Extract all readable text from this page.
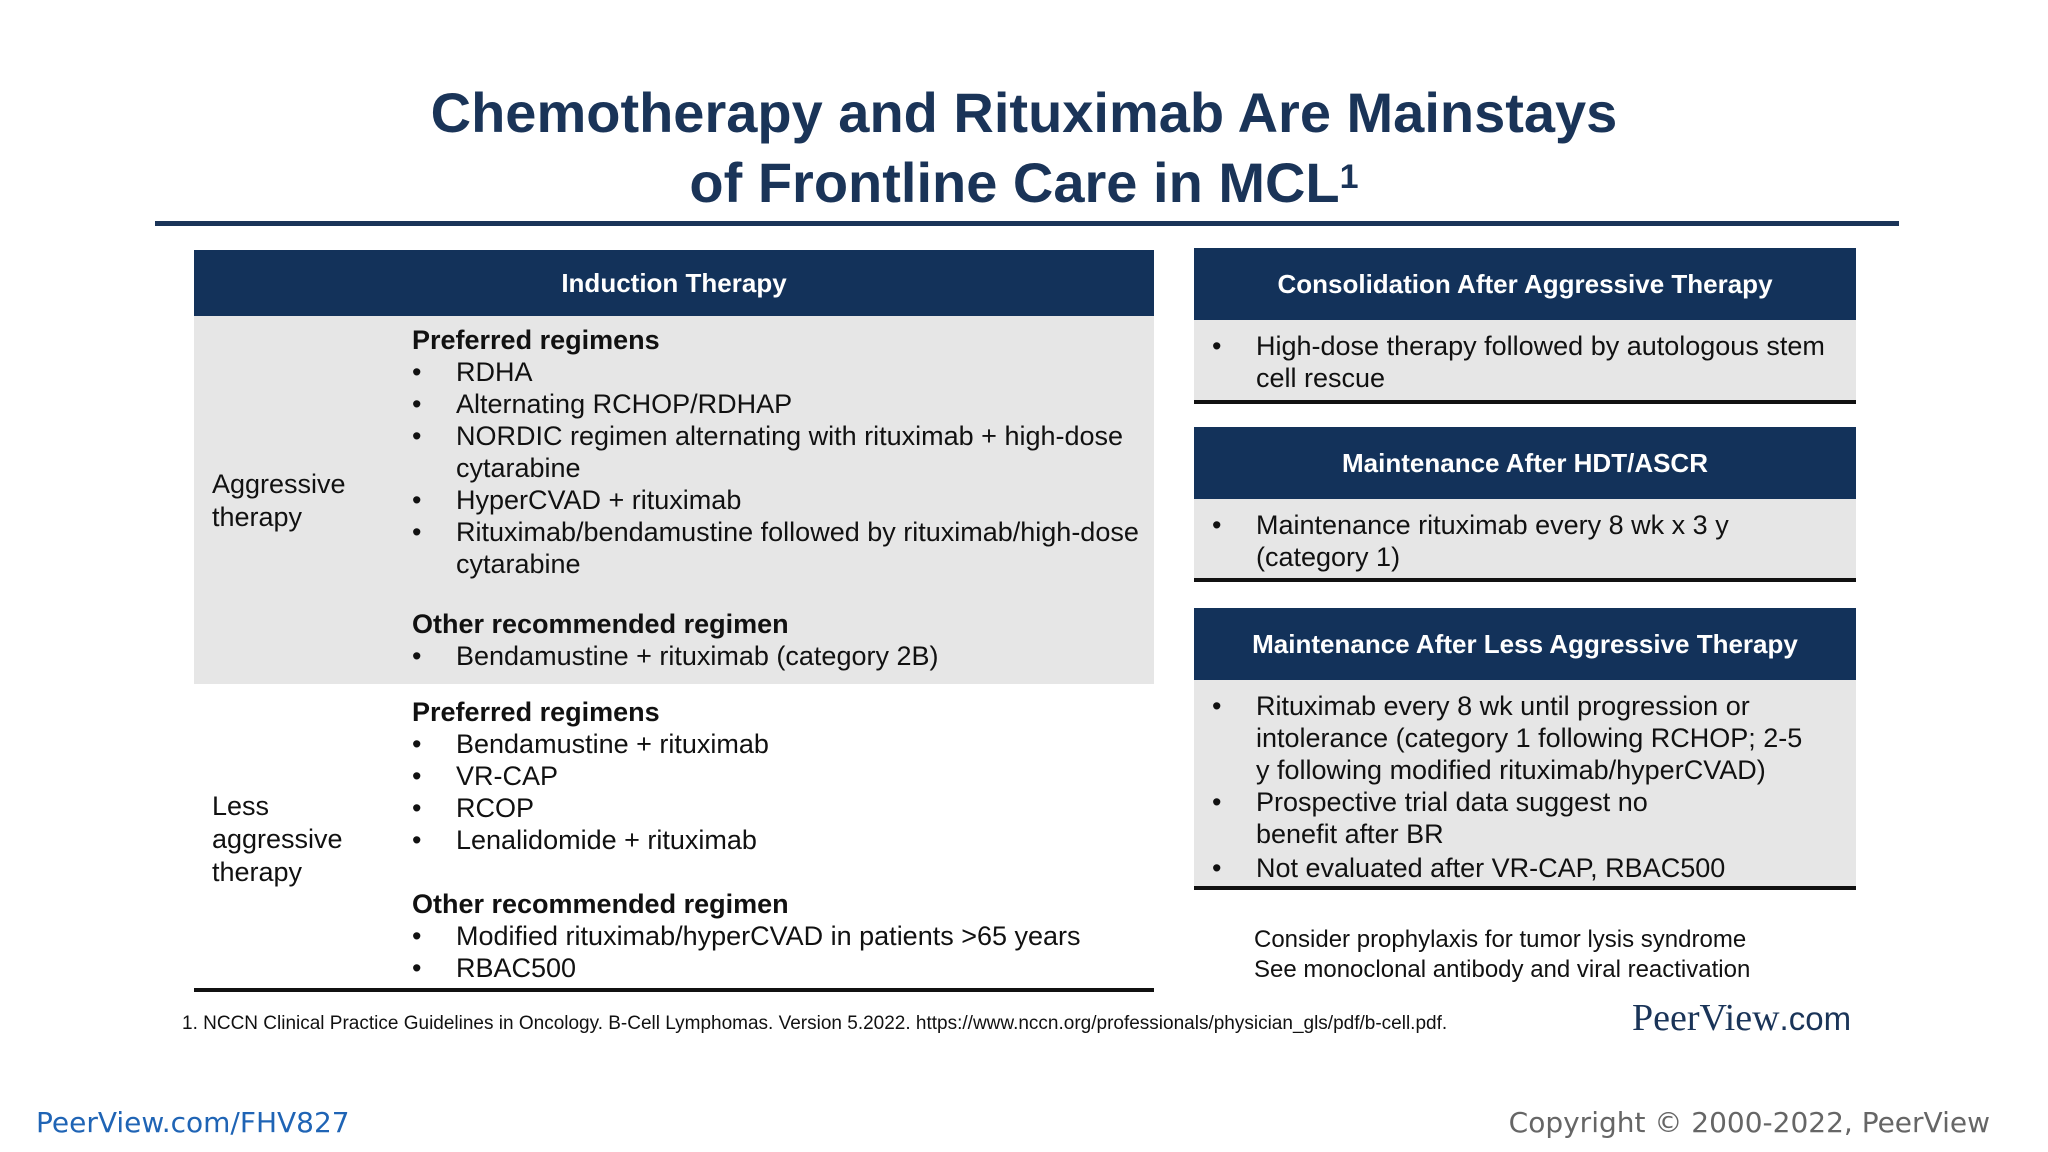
Chemotherapy and Rituximab Are Mainstays
of Frontline Care in MCL$^1$
Induction Therapy
Aggressive
therapy
Preferred regimens
• RDHA
• Alternating RCHOP/RDHAP
• NORDIC regimen alternating with rituximab + high-dose cytarabine
• HyperCVAD + rituximab
• Rituximab/bendamustine followed by rituximab/high-dose cytarabine
Other recommended regimen
• Bendamustine + rituximab (category 2B)
Less
aggressive
therapy
Preferred regimens
• Bendamustine + rituximab
• VR-CAP
• RCOP
• Lenalidomide + rituximab
Other recommended regimen
• Modified rituximab/hyperCVAD in patients >65 years
• RBAC500
Consolidation After Aggressive Therapy
• High-dose therapy followed by autologous stem cell rescue
Maintenance After HDT/ASCR
• Maintenance rituximab every 8 wk x 3 y (category 1)
Maintenance After Less Aggressive Therapy
• Rituximab every 8 wk until progression or intolerance (category 1 following RCHOP; 2-5 y following modified rituximab/hyperCVAD)
• Prospective trial data suggest no benefit after BR
• Not evaluated after VR-CAP, RBAC500
Consider prophylaxis for tumor lysis syndrome
See monoclonal antibody and viral reactivation
1. NCCN Clinical Practice Guidelines in Oncology. B-Cell Lymphomas. Version 5.2022. https://www.nccn.org/professionals/physician_gls/pdf/b-cell.pdf.	PeerView.com
PeerView.com/FHV827	Copyright © 2000-2022, PeerView
